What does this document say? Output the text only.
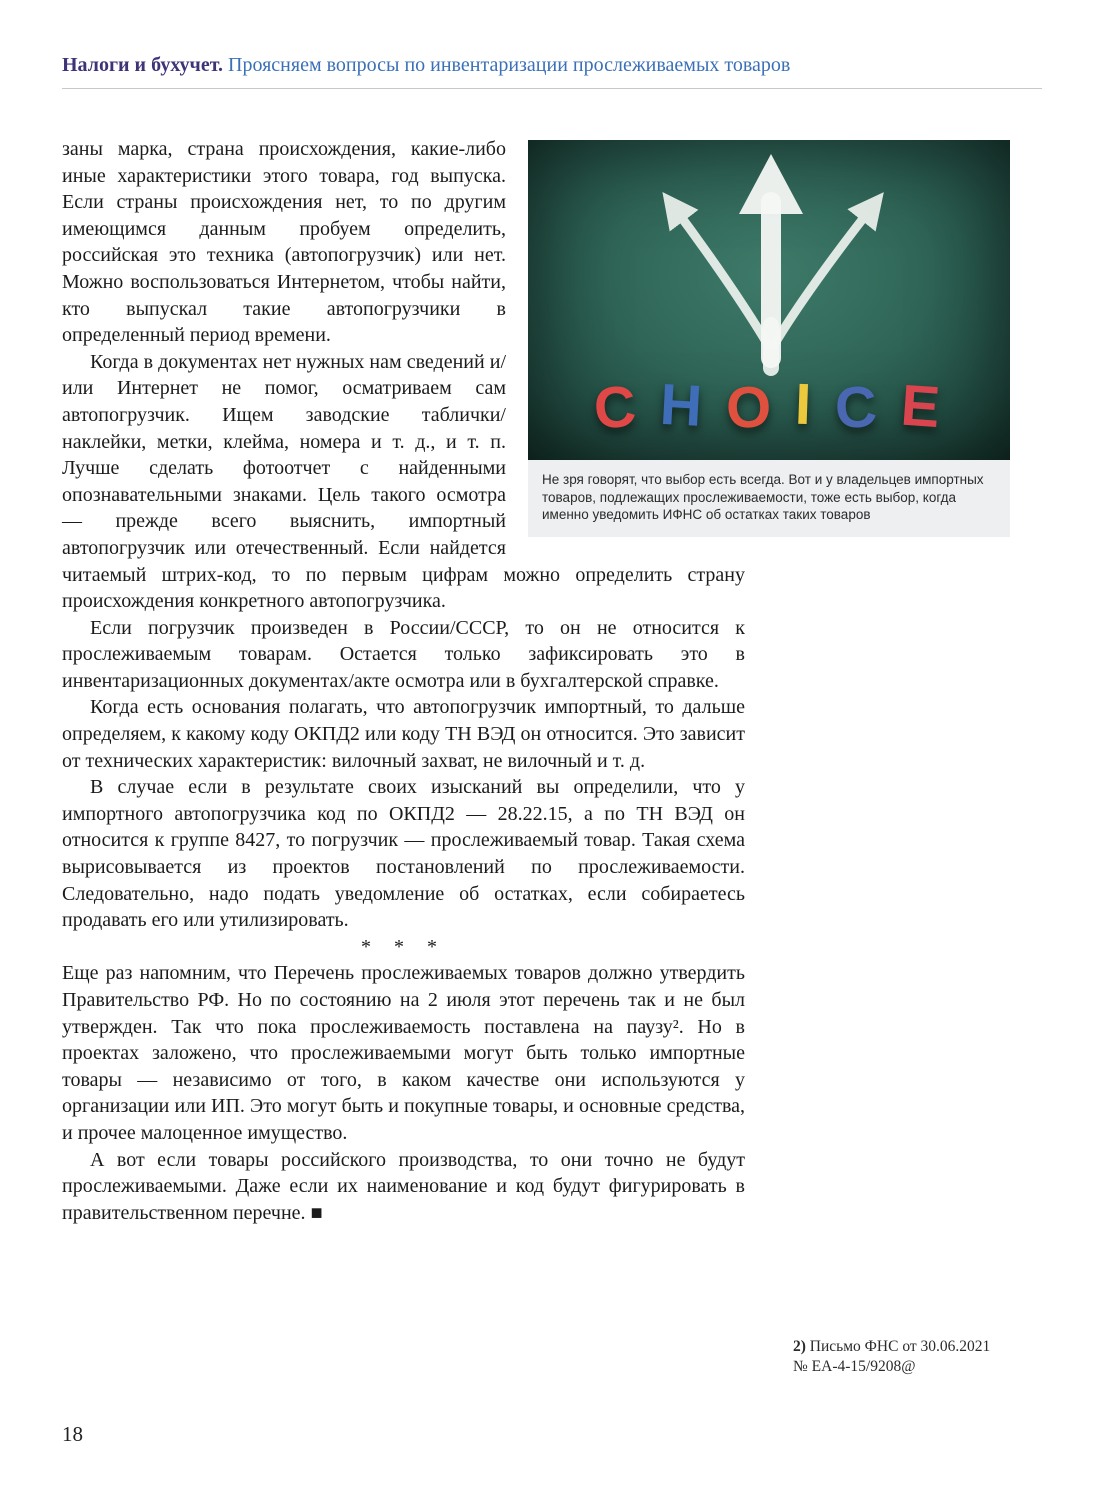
Налоги и бухучет. Проясняем вопросы по инвентаризации прослеживаемых товаров
C H O I C E
Не зря говорят, что выбор есть всегда. Вот и у владельцев импортных товаров, подлежащих прослеживаемости, тоже есть выбор, когда именно уведомить ИФНС об остатках таких товаров

заны марка, страна происхождения, какие-либо иные характеристики этого товара, год выпуска. Если страны происхождения нет, то по другим имеющимся данным пробуем определить, российская это техника (автопогрузчик) или нет. Можно воспользоваться Интернетом, чтобы найти, кто выпускал такие автопогрузчики в определенный период времени.

Когда в документах нет нужных нам сведений и/или Интернет не помог, осматриваем сам автопогрузчик. Ищем заводские таблички/наклейки, метки, клейма, номера и т. д., и т. п. Лучше сделать фотоотчет с найденными опознавательными знаками. Цель такого осмотра — прежде всего выяснить, импортный автопогрузчик или отечественный. Если найдется читаемый штрих-код, то по первым цифрам можно определить страну происхождения конкретного автопогрузчика.

Если погрузчик произведен в России/СССР, то он не относится к прослеживаемым товарам. Остается только зафиксировать это в инвентаризационных документах/акте осмотра или в бухгалтерской справке.

Когда есть основания полагать, что автопогрузчик импортный, то дальше определяем, к какому коду ОКПД2 или коду ТН ВЭД он относится. Это зависит от технических характеристик: вилочный захват, не вилочный и т. д.

В случае если в результате своих изысканий вы определили, что у импортного автопогрузчика код по ОКПД2 — 28.22.15, а по ТН ВЭД он относится к группе 8427, то погрузчик — прослеживаемый товар. Такая схема вырисовывается из проектов постановлений по прослеживаемости. Следовательно, надо подать уведомление об остатках, если собираетесь продавать его или утилизировать.

* * *

Еще раз напомним, что Перечень прослеживаемых товаров должно утвердить Правительство РФ. Но по состоянию на 2 июля этот перечень так и не был утвержден. Так что пока прослеживаемость поставлена на паузу². Но в проектах заложено, что прослеживаемыми могут быть только импортные товары — независимо от того, в каком качестве они используются у организации или ИП. Это могут быть и покупные товары, и основные средства, и прочее малоценное имущество.

А вот если товары российского производства, то они точно не будут прослеживаемыми. Даже если их наименование и код будут фигурировать в правительственном перечне. ■

2) Письмо ФНС от 30.06.2021
№ ЕА-4-15/9208@
18
